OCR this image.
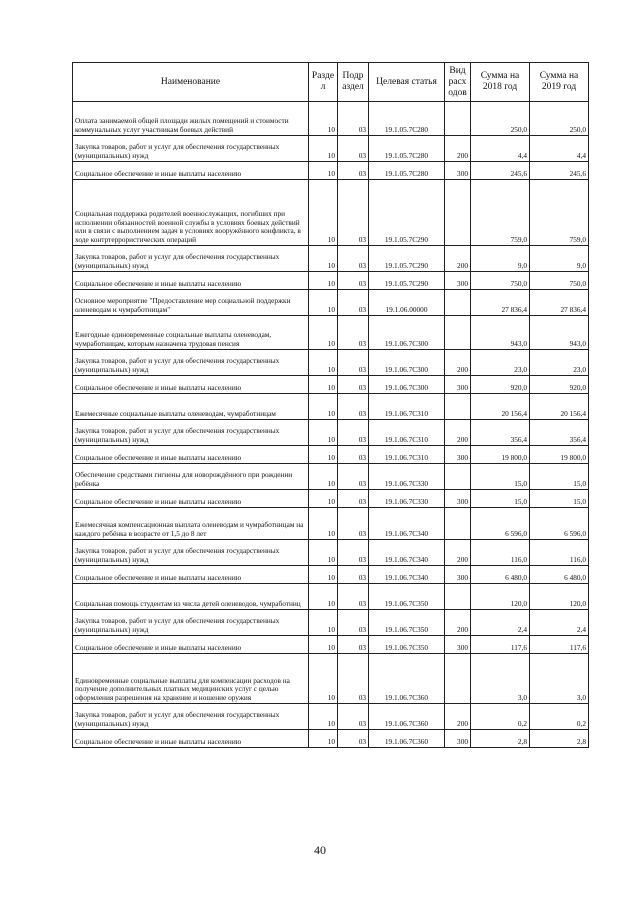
Наименование	Разде л	Подр аздел	Целевая статья	Вид расх одов	Сумма на 2018 год	Сумма на 2019 год
Оплата занимаемой общей площади жилых помещений и стоимости коммунальных услуг участникам боевых действий	10	03	19.1.05.7С280		250,0	250,0
Закупка товаров, работ и услуг для обеспечения государственных (муниципальных) нужд	10	03	19.1.05.7С280	200	4,4	4,4
Социальное обеспечение и иные выплаты населению	10	03	19.1.05.7С280	300	245,6	245,6
Социальная поддержка родителей военнослужащих, погибших при исполнении обязанностей военной службы в условиях боевых действий или в связи с выполнением задач в условиях вооружённого конфликта, в ходе контртеррористических операций	10	03	19.1.05.7С290		759,0	759,0
Закупка товаров, работ и услуг для обеспечения государственных (муниципальных) нужд	10	03	19.1.05.7С290	200	9,0	9,0
Социальное обеспечение и иные выплаты населению	10	03	19.1.05.7С290	300	750,0	750,0
Основное мероприятие "Предоставление мер социальной поддержки оленеводам и чумработницам"	10	03	19.1.06.00000		27 836,4	27 836,4
Ежегодные единовременные социальные выплаты оленеводам, чумработницам, которым назначена трудовая пенсия	10	03	19.1.06.7С300		943,0	943,0
Закупка товаров, работ и услуг для обеспечения государственных (муниципальных) нужд	10	03	19.1.06.7С300	200	23,0	23,0
Социальное обеспечение и иные выплаты населению	10	03	19.1.06.7С300	300	920,0	920,0
Ежемесячные социальные выплаты оленеводам, чумработницам	10	03	19.1.06.7С310		20 156,4	20 156,4
Закупка товаров, работ и услуг для обеспечения государственных (муниципальных) нужд	10	03	19.1.06.7С310	200	356,4	356,4
Социальное обеспечение и иные выплаты населению	10	03	19.1.06.7С310	300	19 800,0	19 800,0
Обеспечение средствами гигиены для новорождённого при рождении ребёнка	10	03	19.1.06.7С330		15,0	15,0
Социальное обеспечение и иные выплаты населению	10	03	19.1.06.7С330	300	15,0	15,0
Ежемесячная компенсационная выплата оленеводам и чумработницам на каждого ребёнка в возрасте от 1,5 до 8 лет	10	03	19.1.06.7С340		6 596,0	6 596,0
Закупка товаров, работ и услуг для обеспечения государственных (муниципальных) нужд	10	03	19.1.06.7С340	200	116,0	116,0
Социальное обеспечение и иные выплаты населению	10	03	19.1.06.7С340	300	6 480,0	6 480,0
Социальная помощь студентам из числа детей оленеводов, чумработниц	10	03	19.1.06.7С350		120,0	120,0
Закупка товаров, работ и услуг для обеспечения государственных (муниципальных) нужд	10	03	19.1.06.7С350	200	2,4	2,4
Социальное обеспечение и иные выплаты населению	10	03	19.1.06.7С350	300	117,6	117,6
Единовременные социальные выплаты для компенсации расходов на получение дополнительных платных медицинских услуг с целью оформления разрешения на хранение и ношение оружия	10	03	19.1.06.7С360		3,0	3,0
Закупка товаров, работ и услуг для обеспечения государственных (муниципальных) нужд	10	03	19.1.06.7С360	200	0,2	0,2
Социальное обеспечение и иные выплаты населению	10	03	19.1.06.7С360	300	2,8	2,8
40
